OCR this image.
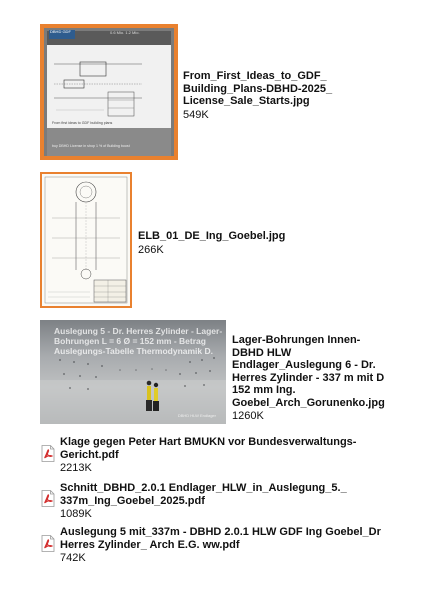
DBHD GDF	0.6 Mio. 1.2 Mio.
buy DBHD License in shop 1 % of Building boost
From first ideas to GDF building plans
From_First_Ideas_to_GDF_
Building_Plans-DBHD-2025_
License_Sale_Starts.jpg
549K
ELB_01_DE_Ing_Goebel.jpg
266K
Auslegung 5 - Dr. Herres Zylinder - Lager-
Bohrungen L = 6 Ø = 152 mm - Betrag
Auslegungs-Tabelle Thermodynamik D.
DBHD HLW Endlager
Lager-Bohrungen Innen-
DBHD HLW
Endlager_Auslegung 6 - Dr.
Herres Zylinder - 337 m mit D
152 mm Ing.
Goebel_Arch_Gorunenko.jpg
1260K
Klage gegen Peter Hart BMUKN vor Bundesverwaltungs-
Gericht.pdf
2213K
Schnitt_DBHD_2.0.1 Endlager_HLW_in_Auslegung_5._
337m_Ing_Goebel_2025.pdf
1089K
Auslegung 5 mit_337m - DBHD 2.0.1 HLW GDF Ing Goebel_Dr
Herres Zylinder_ Arch E.G. ww.pdf
742K
